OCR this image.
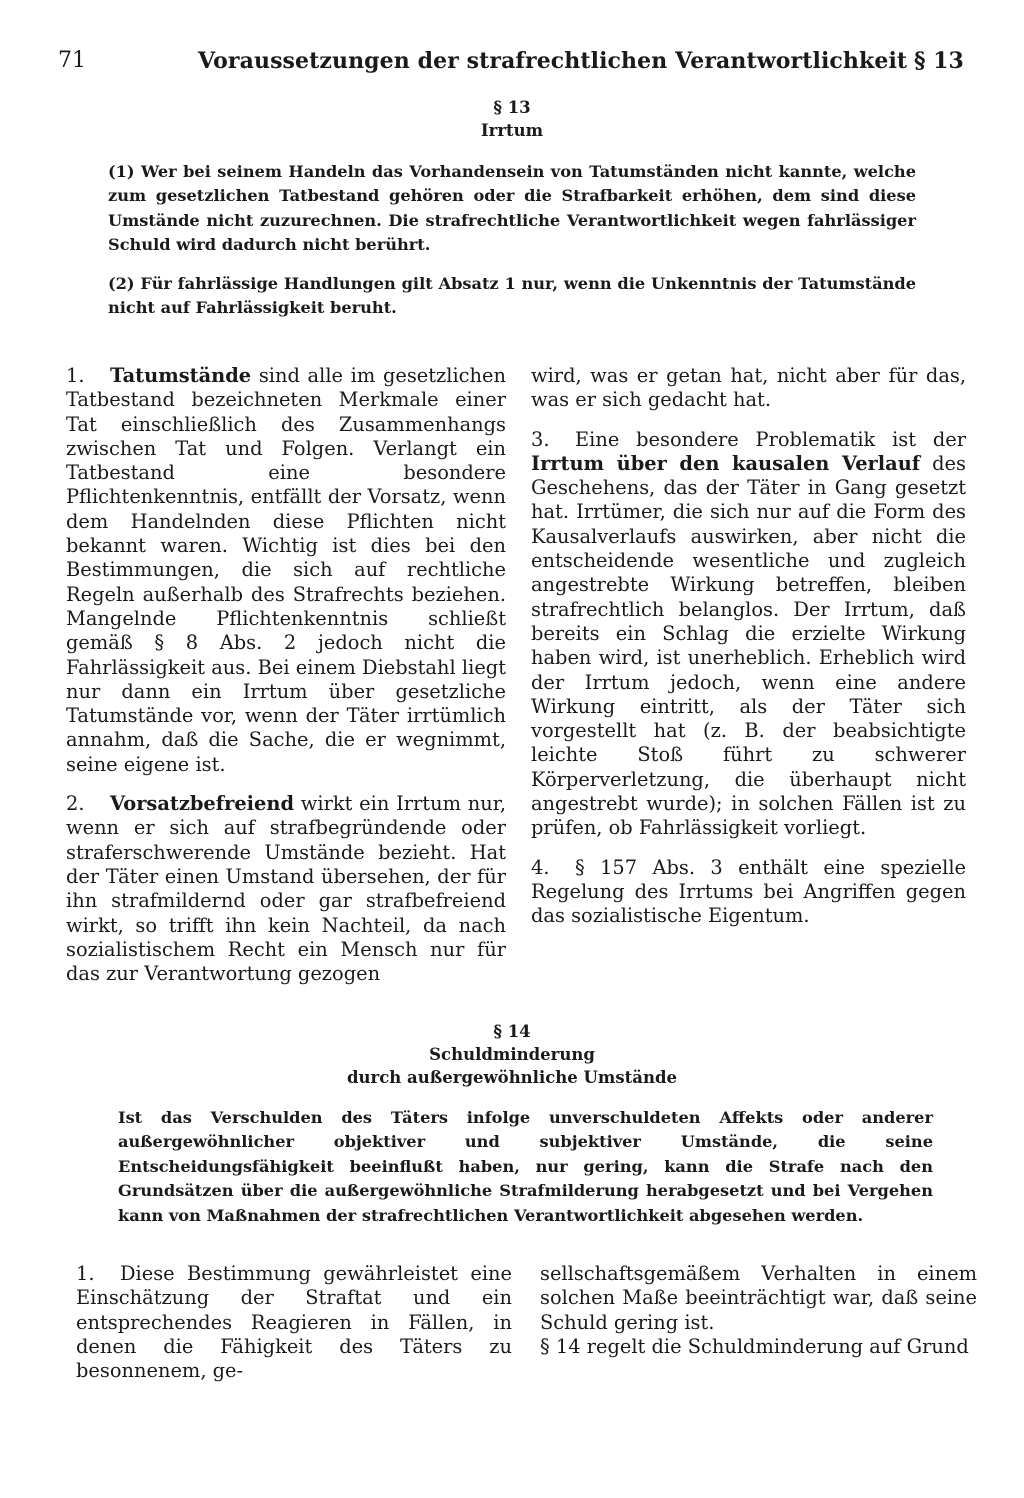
71	Voraussetzungen der strafrechtlichen Verantwortlichkeit § 13
§ 13
Irrtum

(1) Wer bei seinem Handeln das Vorhandensein von Tatumständen nicht kannte, welche zum gesetzlichen Tatbestand gehören oder die Strafbarkeit erhöhen, dem sind diese Umstände nicht zuzurechnen. Die strafrechtliche Verantwortlichkeit wegen fahrlässiger Schuld wird dadurch nicht berührt.

(2) Für fahrlässige Handlungen gilt Absatz 1 nur, wenn die Unkenntnis der Tatumstände nicht auf Fahrlässigkeit beruht.

1. Tatumstände sind alle im gesetzlichen Tatbestand bezeichneten Merkmale einer Tat einschließlich des Zusammenhangs zwischen Tat und Folgen. Verlangt ein Tatbestand eine besondere Pflichtenkenntnis, entfällt der Vorsatz, wenn dem Handelnden diese Pflichten nicht bekannt waren. Wichtig ist dies bei den Bestimmungen, die sich auf rechtliche Regeln außerhalb des Strafrechts beziehen. Mangelnde Pflichtenkenntnis schließt gemäß § 8 Abs. 2 jedoch nicht die Fahrlässigkeit aus. Bei einem Diebstahl liegt nur dann ein Irrtum über gesetzliche Tatumstände vor, wenn der Täter irrtümlich annahm, daß die Sache, die er wegnimmt, seine eigene ist.

2. Vorsatzbefreiend wirkt ein Irrtum nur, wenn er sich auf strafbegründende oder straferschwerende Umstände bezieht. Hat der Täter einen Umstand übersehen, der für ihn strafmildernd oder gar strafbefreiend wirkt, so trifft ihn kein Nachteil, da nach sozialistischem Recht ein Mensch nur für das zur Verantwortung gezogen

wird, was er getan hat, nicht aber für das, was er sich gedacht hat.

3. Eine besondere Problematik ist der Irrtum über den kausalen Verlauf des Geschehens, das der Täter in Gang gesetzt hat. Irrtümer, die sich nur auf die Form des Kausalverlaufs auswirken, aber nicht die entscheidende wesentliche und zugleich angestrebte Wirkung betreffen, bleiben strafrechtlich belanglos. Der Irrtum, daß bereits ein Schlag die erzielte Wirkung haben wird, ist unerheblich. Erheblich wird der Irrtum jedoch, wenn eine andere Wirkung eintritt, als der Täter sich vorgestellt hat (z. B. der beabsichtigte leichte Stoß führt zu schwerer Körperverletzung, die überhaupt nicht angestrebt wurde); in solchen Fällen ist zu prüfen, ob Fahrlässigkeit vorliegt.

4. § 157 Abs. 3 enthält eine spezielle Regelung des Irrtums bei Angriffen gegen das sozialistische Eigentum.

§ 14
Schuldminderung
durch außergewöhnliche Umstände

Ist das Verschulden des Täters infolge unverschuldeten Affekts oder anderer außergewöhnlicher objektiver und subjektiver Umstände, die seine Entscheidungsfähigkeit beeinflußt haben, nur gering, kann die Strafe nach den Grundsätzen über die außergewöhnliche Strafmilderung herabgesetzt und bei Vergehen kann von Maßnahmen der strafrechtlichen Verantwortlichkeit abgesehen werden.

1. Diese Bestimmung gewährleistet eine Einschätzung der Straftat und ein entsprechendes Reagieren in Fällen, in denen die Fähigkeit des Täters zu besonnenem, ge-

sellschaftsgemäßem Verhalten in einem solchen Maße beeinträchtigt war, daß seine Schuld gering ist.

§ 14 regelt die Schuldminderung auf Grund
